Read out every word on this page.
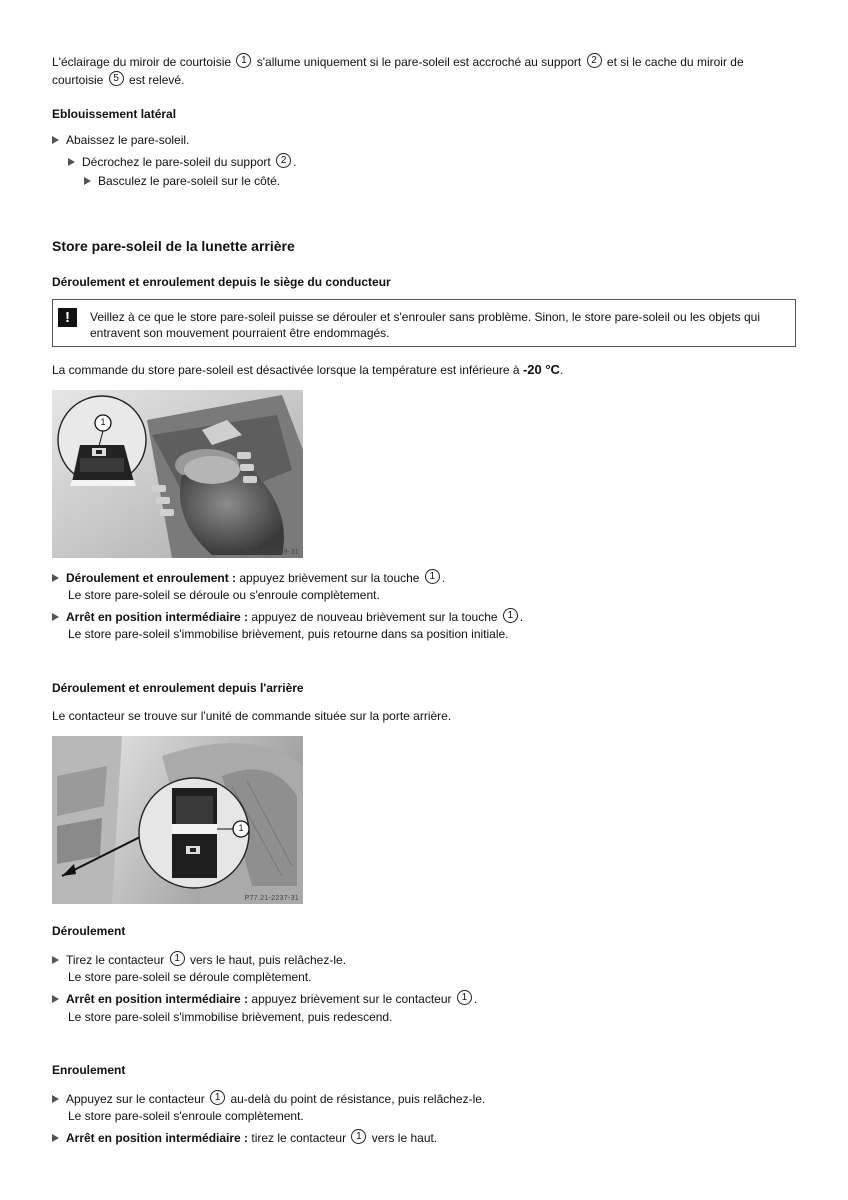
L'éclairage du miroir de courtoisie 1 s'allume uniquement si le pare-soleil est accroché au support 2 et si le cache du miroir de
courtoisie 5 est relevé.
Eblouissement latéral
Abaissez le pare-soleil.
Décrochez le pare-soleil du support 2 .
Basculez le pare-soleil sur le côté.
Store pare-soleil de la lunette arrière
Déroulement et enroulement depuis le siège du conducteur
!	Veillez à ce que le store pare-soleil puisse se dérouler et s'enrouler sans problème. Sinon, le store pare-soleil ou les objets qui entravent son mouvement pourraient être endommagés.
La commande du store pare-soleil est désactivée lorsque la température est inférieure à -20 °C.
1
P54.25-7689-31
Déroulement et enroulement : appuyez brièvement sur la touche 1 .
Le store pare-soleil se déroule ou s'enroule complètement.
Arrêt en position intermédiaire : appuyez de nouveau brièvement sur la touche 1 .
Le store pare-soleil s'immobilise brièvement, puis retourne dans sa position initiale.
Déroulement et enroulement depuis l'arrière
Le contacteur se trouve sur l'unité de commande située sur la porte arrière.
1
P77.21-2237-31
Déroulement
Tirez le contacteur 1 vers le haut, puis relâchez-le.
Le store pare-soleil se déroule complètement.
Arrêt en position intermédiaire : appuyez brièvement sur le contacteur 1 .
Le store pare-soleil s'immobilise brièvement, puis redescend.
Enroulement
Appuyez sur le contacteur 1 au-delà du point de résistance, puis relâchez-le.
Le store pare-soleil s'enroule complètement.
Arrêt en position intermédiaire : tirez le contacteur 1 vers le haut.
